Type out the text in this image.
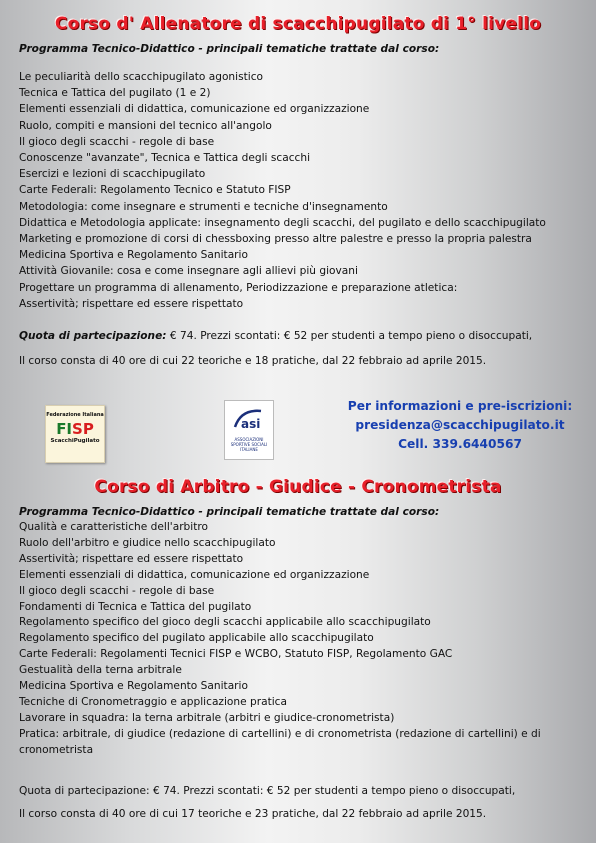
Corso d' Allenatore di scacchipugilato di 1° livello
Programma Tecnico-Didattico - principali tematiche trattate dal corso:
Le peculiarità dello scacchipugilato agonistico
Tecnica e Tattica del pugilato (1 e 2)
Elementi essenziali di didattica, comunicazione ed organizzazione
Ruolo, compiti e mansioni del tecnico all'angolo
Il gioco degli scacchi - regole di base
Conoscenze "avanzate", Tecnica e Tattica degli scacchi
Esercizi e lezioni di scacchipugilato
Carte Federali: Regolamento Tecnico e Statuto FISP
Metodologia: come insegnare e strumenti e tecniche d'insegnamento
Didattica e Metodologia applicate: insegnamento degli scacchi, del pugilato e dello scacchipugilato
Marketing e promozione di corsi di chessboxing presso altre palestre e presso la propria palestra
Medicina Sportiva e Regolamento Sanitario
Attività Giovanile: cosa e come insegnare agli allievi più giovani
Progettare un programma di allenamento, Periodizzazione e preparazione atletica:
Assertività; rispettare ed essere rispettato
Quota di partecipazione: € 74. Prezzi scontati: € 52 per studenti a tempo pieno o disoccupati,
Il corso consta di 40 ore di cui 22 teoriche e 18 pratiche, dal 22 febbraio ad aprile 2015.
Federazione Italiana
FISP
ScacchiPugilato
asi
ASSOCIAZIONI SPORTIVE SOCIALI ITALIANE
Per informazioni e pre-iscrizioni:
presidenza@scacchipugilato.it
Cell. 339.6440567
Corso di Arbitro - Giudice - Cronometrista
Programma Tecnico-Didattico - principali tematiche trattate dal corso:
Qualità e caratteristiche dell'arbitro
Ruolo dell'arbitro e giudice nello scacchipugilato
Assertività; rispettare ed essere rispettato
Elementi essenziali di didattica, comunicazione ed organizzazione
Il gioco degli scacchi - regole di base
Fondamenti di Tecnica e Tattica del pugilato
Regolamento specifico del gioco degli scacchi applicabile allo scacchipugilato
Regolamento specifico del pugilato applicabile allo scacchipugilato
Carte Federali: Regolamenti Tecnici FISP e WCBO, Statuto FISP, Regolamento GAC
Gestualità della terna arbitrale
Medicina Sportiva e Regolamento Sanitario
Tecniche di Cronometraggio e applicazione pratica
Lavorare in squadra: la terna arbitrale (arbitri e giudice-cronometrista)
Pratica: arbitrale, di giudice (redazione di cartellini) e di cronometrista (redazione di cartellini) e di cronometrista
Quota di partecipazione: € 74. Prezzi scontati: € 52 per studenti a tempo pieno o disoccupati,
Il corso consta di 40 ore di cui 17 teoriche e 23 pratiche, dal 22 febbraio ad aprile 2015.
